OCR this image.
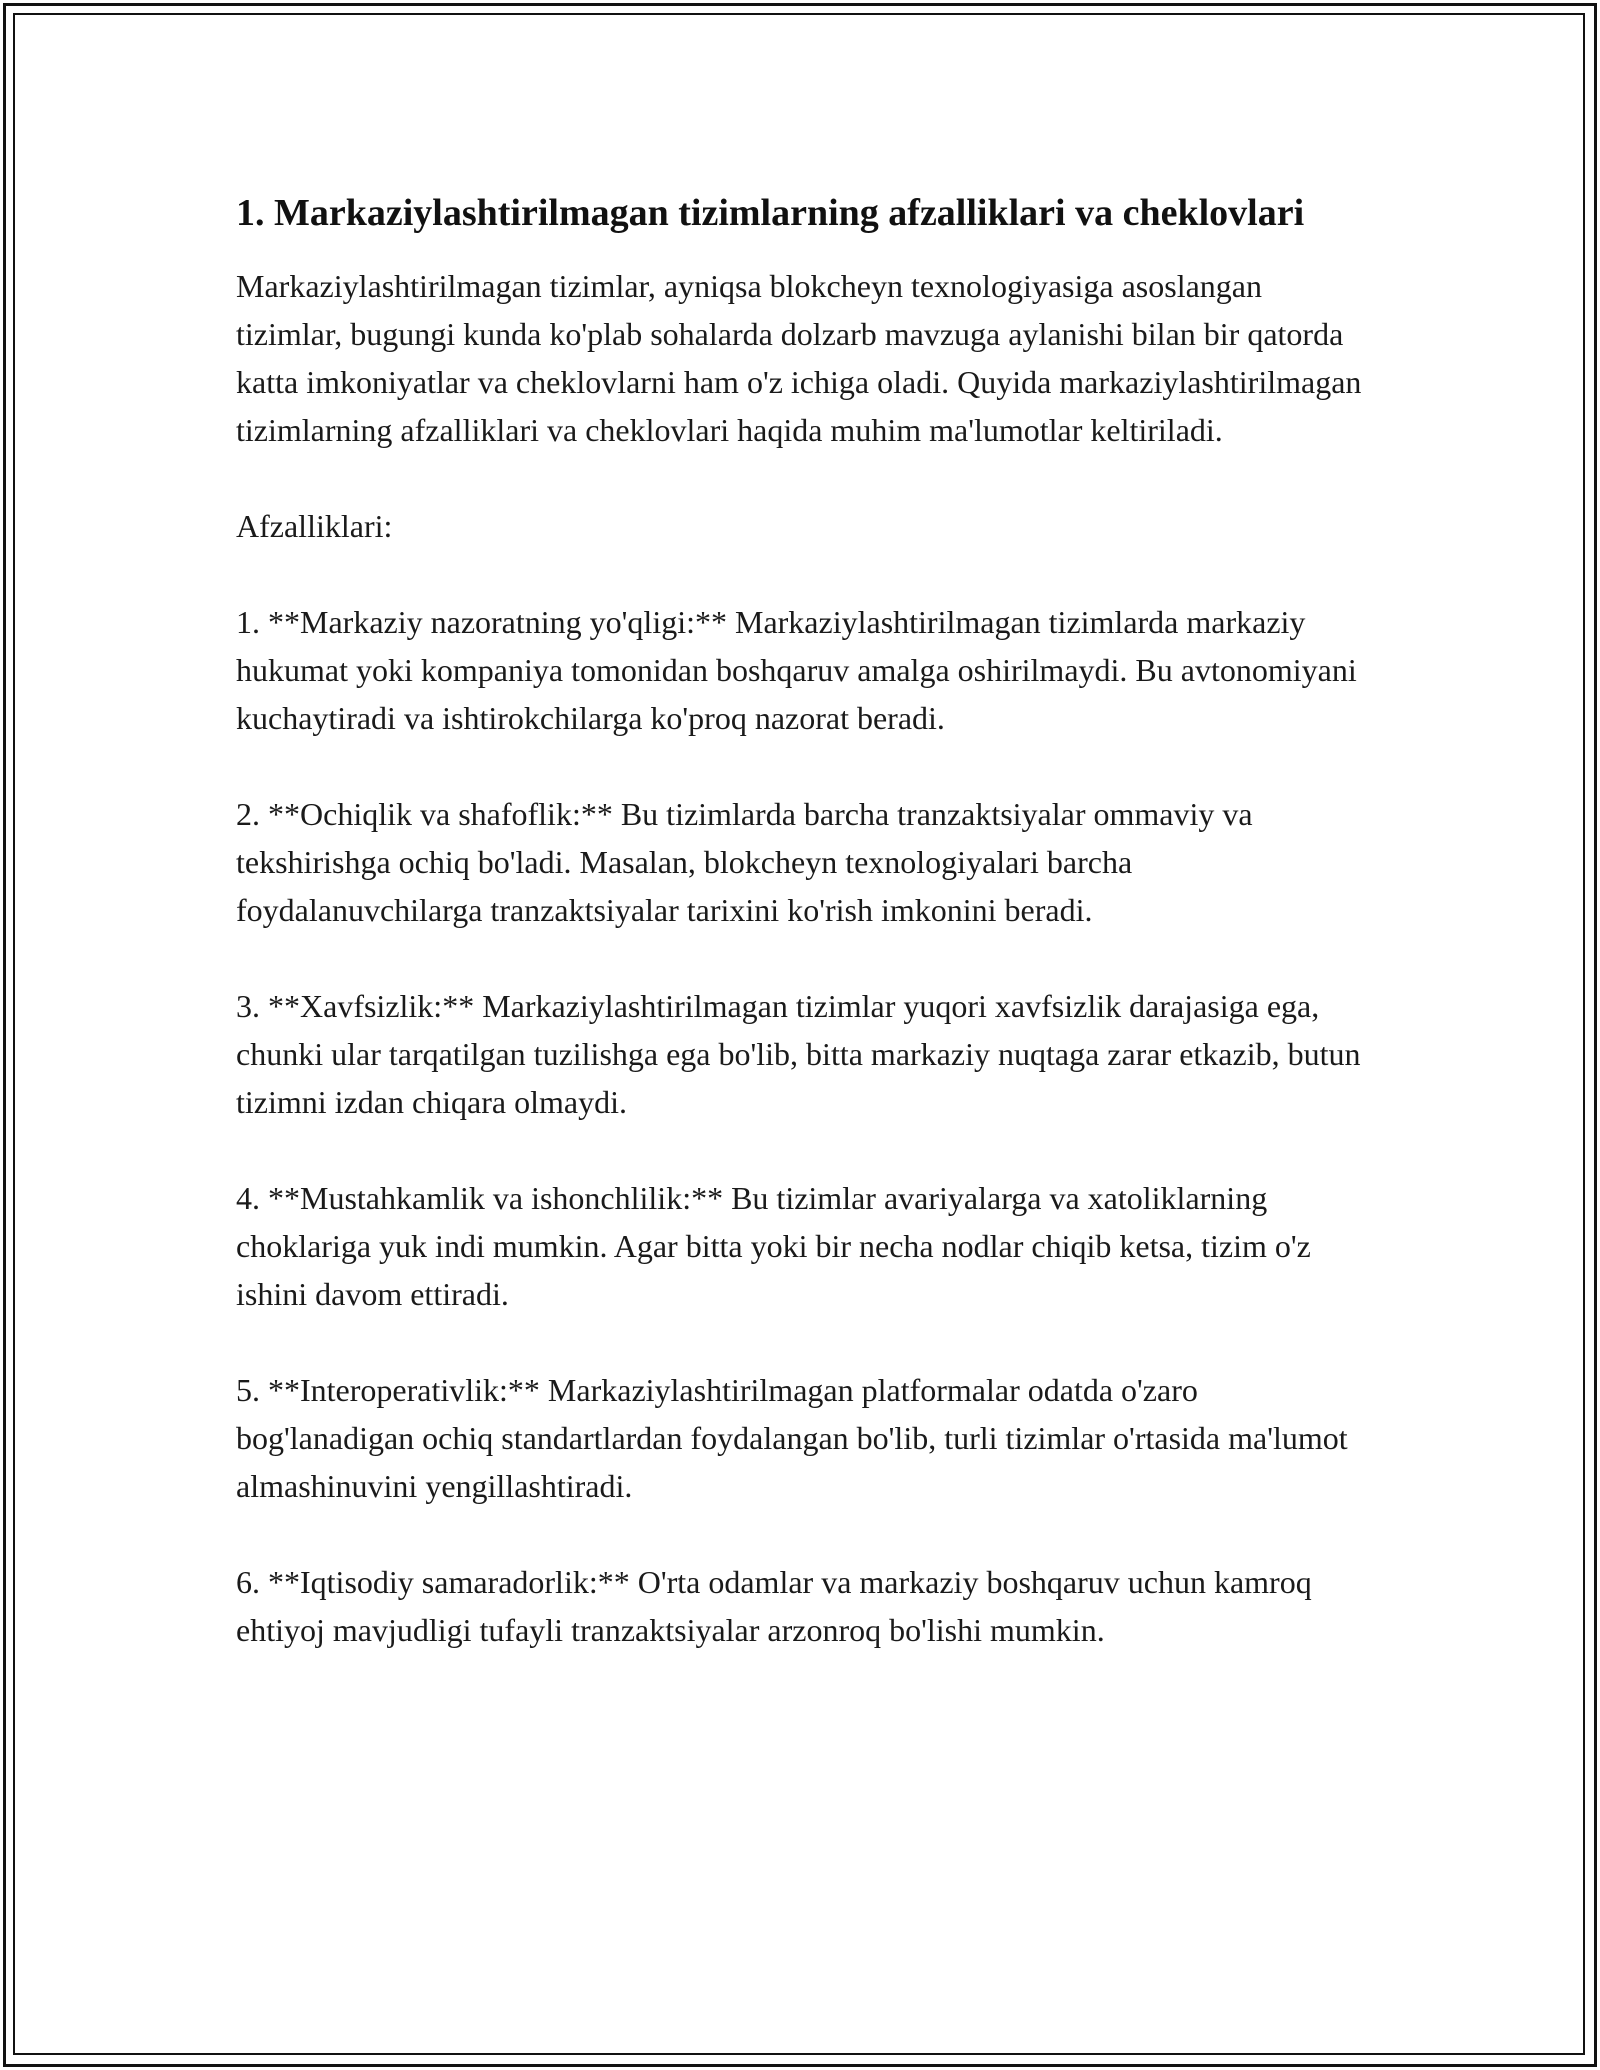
1. Markaziylashtirilmagan tizimlarning afzalliklari va cheklovlari

Markaziylashtirilmagan tizimlar, ayniqsa blokcheyn texnologiyasiga asoslangan tizimlar, bugungi kunda ko'plab sohalarda dolzarb mavzuga aylanishi bilan bir qatorda katta imkoniyatlar va cheklovlarni ham o'z ichiga oladi. Quyida markaziylashtirilmagan tizimlarning afzalliklari va cheklovlari haqida muhim ma'lumotlar keltiriladi.

Afzalliklari:

1. **Markaziy nazoratning yo'qligi:** Markaziylashtirilmagan tizimlarda markaziy hukumat yoki kompaniya tomonidan boshqaruv amalga oshirilmaydi. Bu avtonomiyani kuchaytiradi va ishtirokchilarga ko'proq nazorat beradi.

2. **Ochiqlik va shafoflik:** Bu tizimlarda barcha tranzaktsiyalar ommaviy va tekshirishga ochiq bo'ladi. Masalan, blokcheyn texnologiyalari barcha foydalanuvchilarga tranzaktsiyalar tarixini ko'rish imkonini beradi.

3. **Xavfsizlik:** Markaziylashtirilmagan tizimlar yuqori xavfsizlik darajasiga ega, chunki ular tarqatilgan tuzilishga ega bo'lib, bitta markaziy nuqtaga zarar etkazib, butun tizimni izdan chiqara olmaydi.

4. **Mustahkamlik va ishonchlilik:** Bu tizimlar avariyalarga va xatoliklarning choklariga yuk indi mumkin. Agar bitta yoki bir necha nodlar chiqib ketsa, tizim o'z ishini davom ettiradi.

5. **Interoperativlik:** Markaziylashtirilmagan platformalar odatda o'zaro bog'lanadigan ochiq standartlardan foydalangan bo'lib, turli tizimlar o'rtasida ma'lumot almashinuvini yengillashtiradi.

6. **Iqtisodiy samaradorlik:** O'rta odamlar va markaziy boshqaruv uchun kamroq ehtiyoj mavjudligi tufayli tranzaktsiyalar arzonroq bo'lishi mumkin.
